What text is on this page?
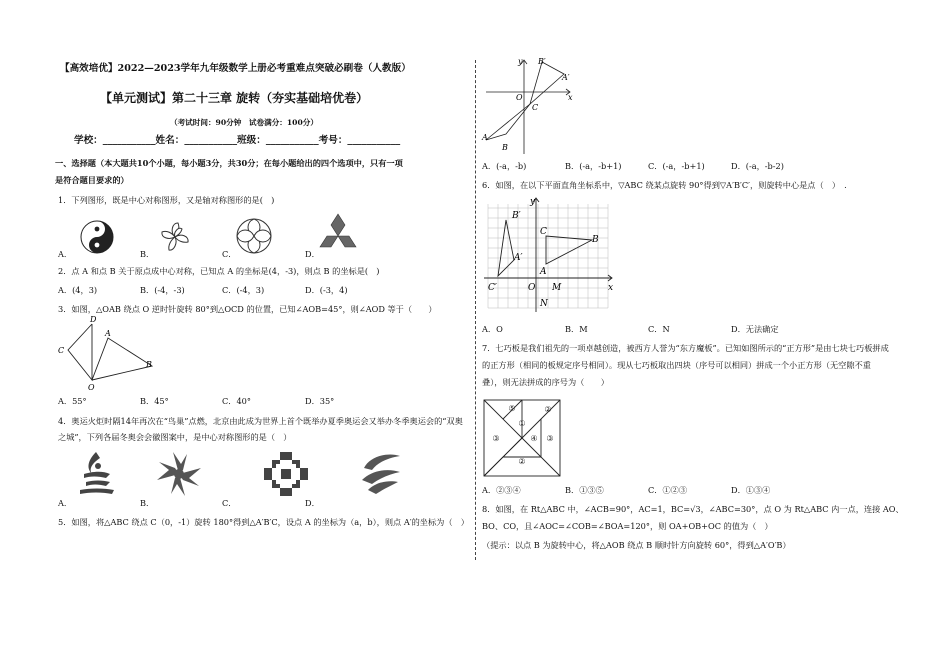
【高效培优】2022—2023学年九年级数学上册必考重难点突破必刷卷（人教版）
【单元测试】第二十三章 旋转（夯实基础培优卷）
（考试时间：90分钟　试卷满分：100分）
学校：___________姓名：___________班级：___________考号：___________
一、选择题（本大题共10个小题，每小题3分，共30分；在每小题给出的四个选项中，只有一项
是符合题目要求的）
1．下列图形，既是中心对称图形，又是轴对称图形的是(　)
A．	B．	C．	D．
2．点 A 和点 B 关于原点成中心对称，已知点 A 的坐标是(4，-3)，则点 B 的坐标是(　)
A．(4，3)	B．(-4，-3)	C．(-4，3)	D．(-3，4)
3．如图，△OAB 绕点 O 逆时针旋转 80°到△OCD 的位置，已知∠AOB=45°，则∠AOD 等于（　　）
D
C
A
B
O
A．55°	B．45°	C．40°	D．35°
4．奥运火炬时隔14年再次在“鸟巢”点燃，北京由此成为世界上首个既举办夏季奥运会又举办冬季奥运会的“双奥
之城”，下列各届冬奥会会徽图案中，是中心对称图形的是（　）
A．	B．	C．	D．
5．如图，将△ABC 绕点 C（0，-1）旋转 180°得到△A′B′C，设点 A 的坐标为（a，b），则点 A′的坐标为（　）
y
x
O
C
A
B
B′
A′
A．(-a，-b)	B．(-a，-b+1)	C．(-a，-b+1)	D．(-a，-b-2)
6．如图，在以下平面直角坐标系中，▽ABC 绕某点旋转 90°得到▽A′B′C′，则旋转中心是点（　）　.
y
x
O M
N
C
A
B
A′
B′
C′
A．O	B．M	C．N	D．无法确定
7．七巧板是我们祖先的一项卓越创造，被西方人誉为“东方魔板”。已知如图所示的“正方形”是由七块七巧板拼成
的正方形（相同的板规定序号相同）。现从七巧板取出四块（序号可以相同）拼成一个小正方形（无空隙不重
叠），则无法拼成的序号为（　　）
⑤
①
②
③	④
②
③
A．②③④	B．①③⑤	C．①②③	D．①③④
8．如图，在 Rt△ABC 中，∠ACB=90°，AC=1，BC=√3，∠ABC=30°，点 O 为 Rt△ABC 内一点，连接 AO、
BO、CO，且∠AOC=∠COB=∠BOA=120°，则 OA+OB+OC 的值为（　）
（提示：以点 B 为旋转中心，将△AOB 绕点 B 顺时针方向旋转 60°，得到△A′O′B）
